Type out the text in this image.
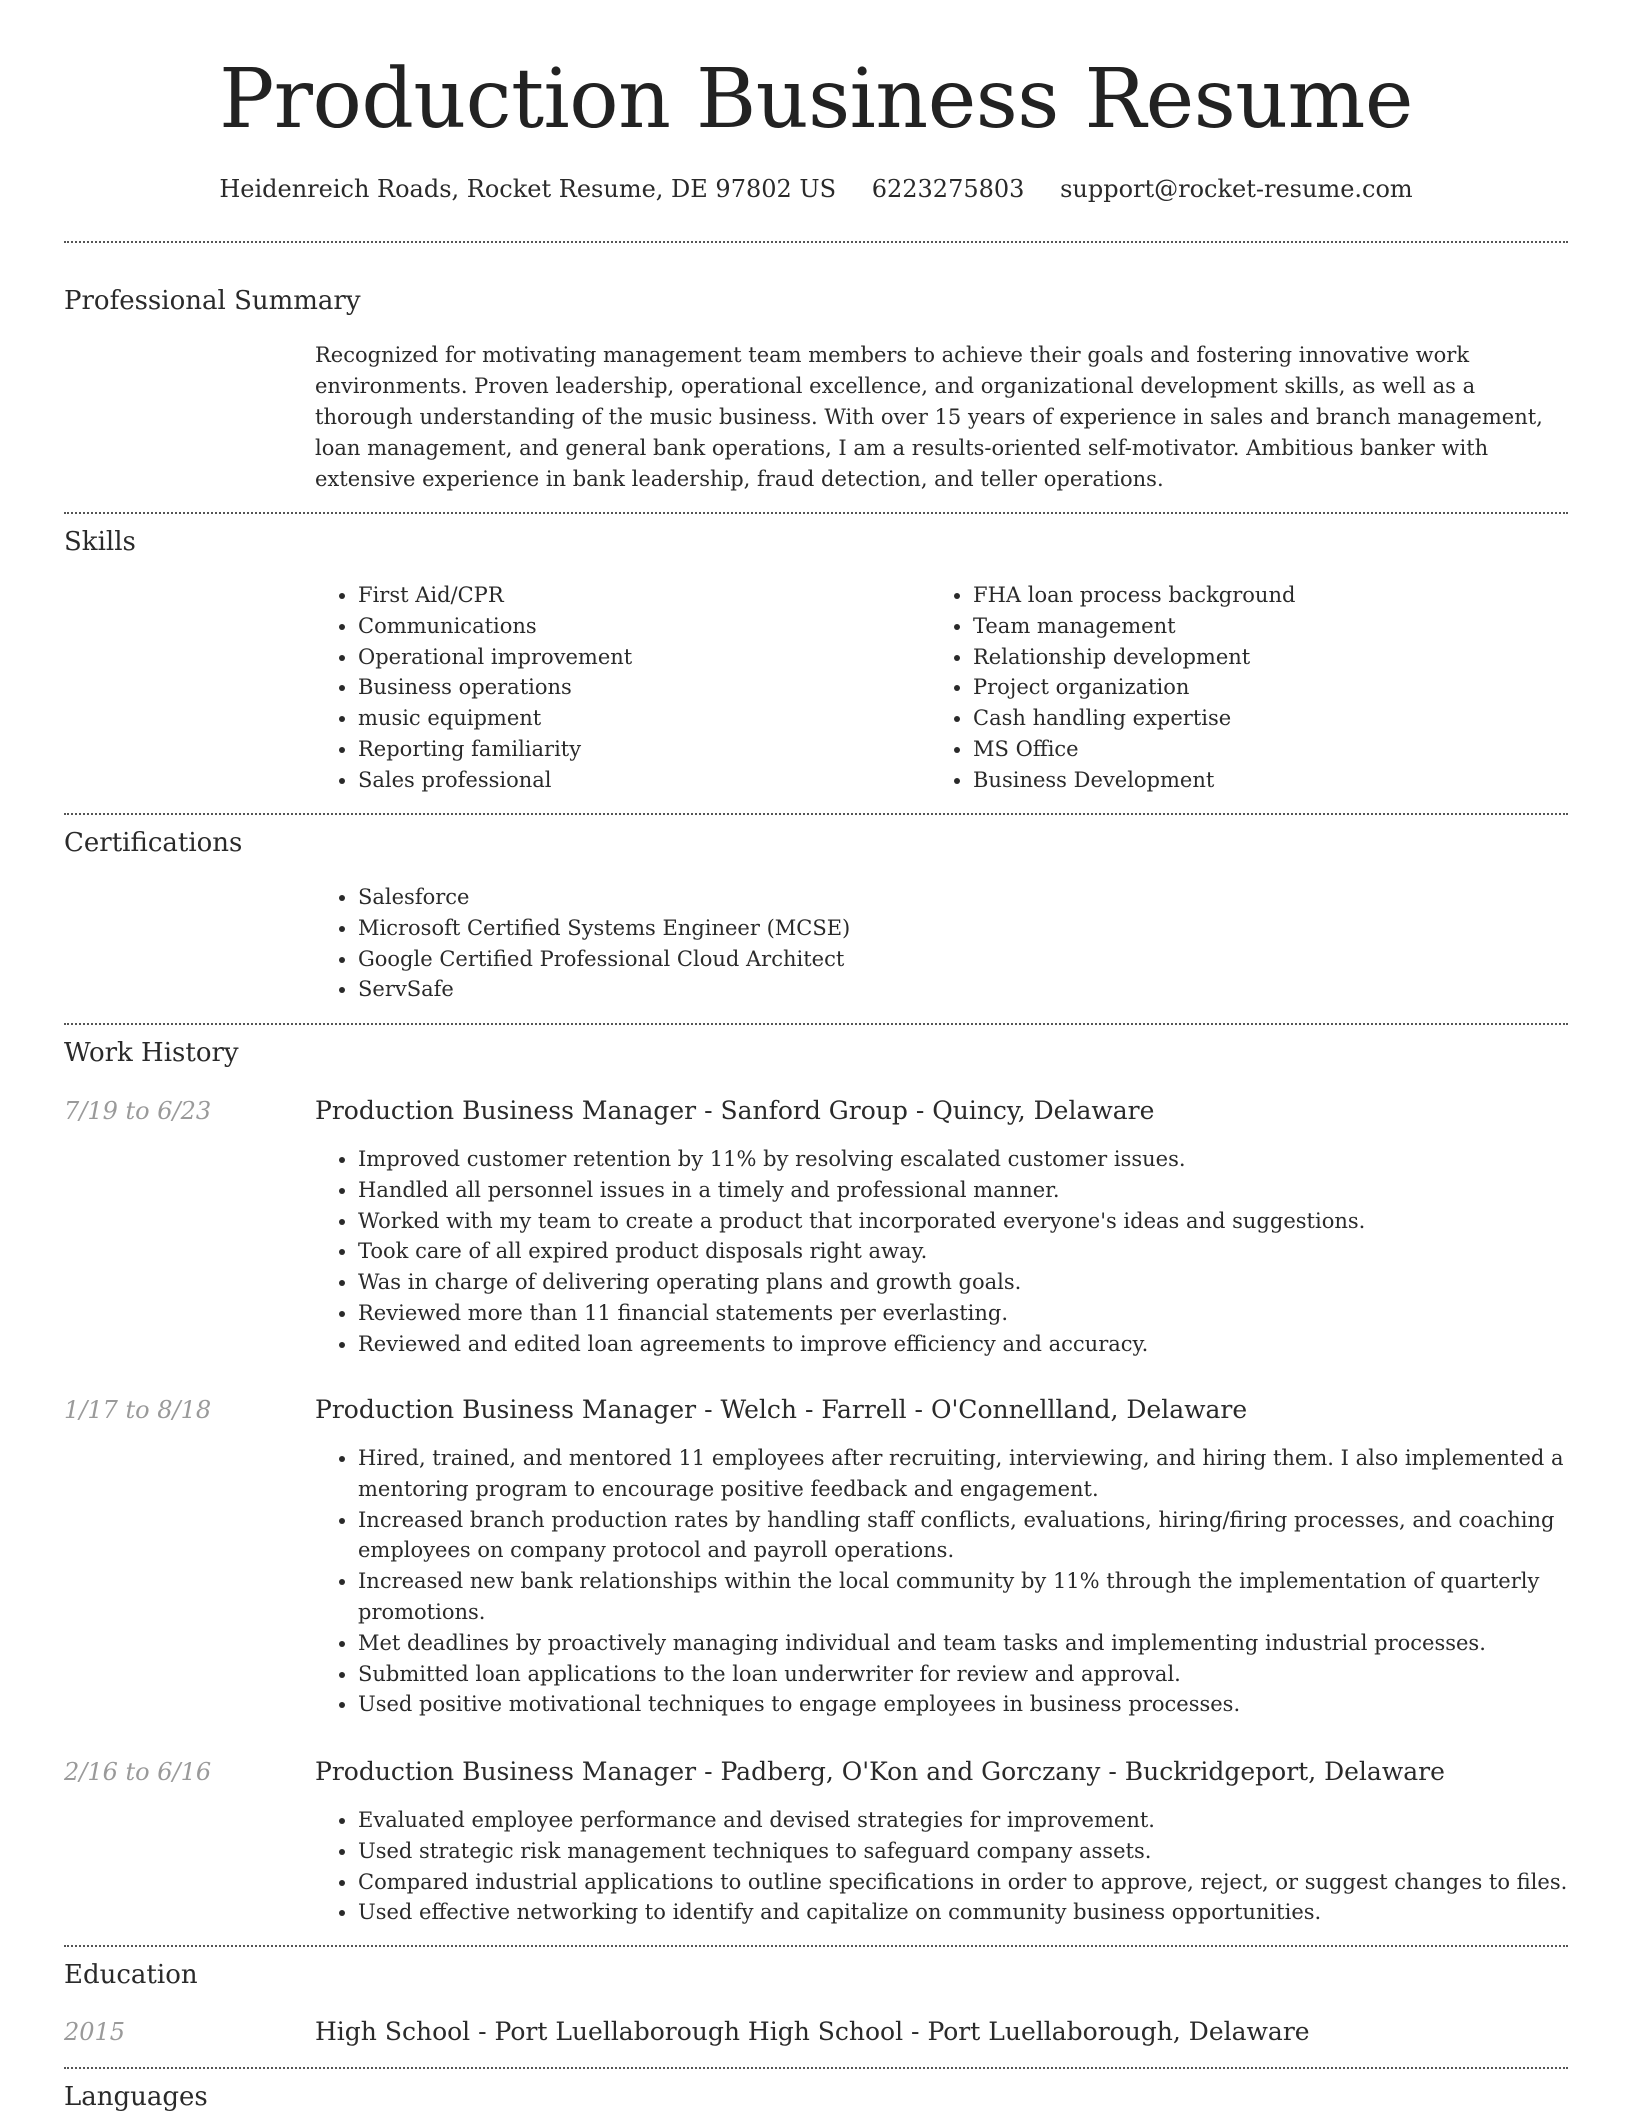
Production Business Resume
Heidenreich Roads, Rocket Resume, DE 97802 US 6223275803 support@rocket-resume.com
Professional Summary

Recognized for motivating management team members to achieve their goals and fostering innovative work environments. Proven leadership, operational excellence, and organizational development skills, as well as a thorough understanding of the music business. With over 15 years of experience in sales and branch management, loan management, and general bank operations, I am a results-oriented self-motivator. Ambitious banker with extensive experience in bank leadership, fraud detection, and teller operations.

Skills
• First Aid/CPR
• Communications
• Operational improvement
• Business operations
• music equipment
• Reporting familiarity
• Sales professional
• FHA loan process background
• Team management
• Relationship development
• Project organization
• Cash handling expertise
• MS Office
• Business Development
Certifications
• Salesforce
• Microsoft Certified Systems Engineer (MCSE)
• Google Certified Professional Cloud Architect
• ServSafe
Work History
7/19 to 6/23	Production Business Manager - Sanford Group - Quincy, Delaware
• Improved customer retention by 11% by resolving escalated customer issues.
• Handled all personnel issues in a timely and professional manner.
• Worked with my team to create a product that incorporated everyone's ideas and suggestions.
• Took care of all expired product disposals right away.
• Was in charge of delivering operating plans and growth goals.
• Reviewed more than 11 financial statements per everlasting.
• Reviewed and edited loan agreements to improve efficiency and accuracy.
1/17 to 8/18	Production Business Manager - Welch - Farrell - O'Connellland, Delaware
• Hired, trained, and mentored 11 employees after recruiting, interviewing, and hiring them. I also implemented a mentoring program to encourage positive feedback and engagement.
• Increased branch production rates by handling staff conflicts, evaluations, hiring/firing processes, and coaching employees on company protocol and payroll operations.
• Increased new bank relationships within the local community by 11% through the implementation of quarterly promotions.
• Met deadlines by proactively managing individual and team tasks and implementing industrial processes.
• Submitted loan applications to the loan underwriter for review and approval.
• Used positive motivational techniques to engage employees in business processes.
2/16 to 6/16	Production Business Manager - Padberg, O'Kon and Gorczany - Buckridgeport, Delaware
• Evaluated employee performance and devised strategies for improvement.
• Used strategic risk management techniques to safeguard company assets.
• Compared industrial applications to outline specifications in order to approve, reject, or suggest changes to files.
• Used effective networking to identify and capitalize on community business opportunities.
Education
2015	High School - Port Luellaborough High School - Port Luellaborough, Delaware
Languages
